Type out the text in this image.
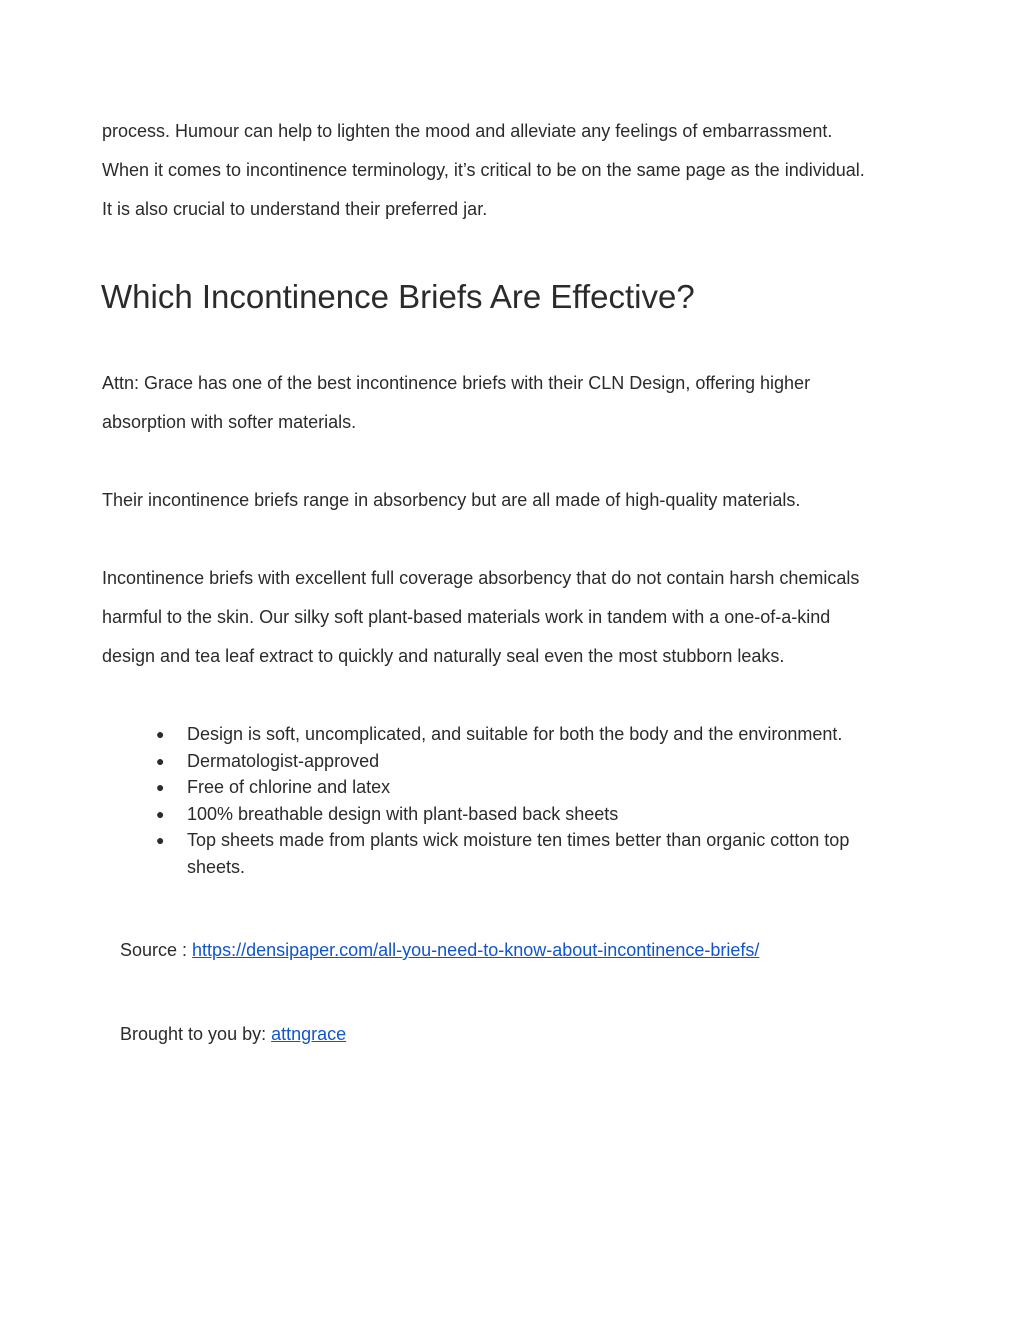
process. Humour can help to lighten the mood and alleviate any feelings of embarrassment.
When it comes to incontinence terminology, it’s critical to be on the same page as the individual.
It is also crucial to understand their preferred jar.

Which Incontinence Briefs Are Effective?

Attn: Grace has one of the best incontinence briefs with their CLN Design, offering higher
absorption with softer materials.

Their incontinence briefs range in absorbency but are all made of high-quality materials.

Incontinence briefs with excellent full coverage absorbency that do not contain harsh chemicals
harmful to the skin. Our silky soft plant-based materials work in tandem with a one-of-a-kind
design and tea leaf extract to quickly and naturally seal even the most stubborn leaks.

● Design is soft, uncomplicated, and suitable for both the body and the environment.
● Dermatologist-approved
● Free of chlorine and latex
● 100% breathable design with plant-based back sheets
● Top sheets made from plants wick moisture ten times better than organic cotton top
sheets.
Source : https://densipaper.com/all-you-need-to-know-about-incontinence-briefs/
Brought to you by: attngrace
